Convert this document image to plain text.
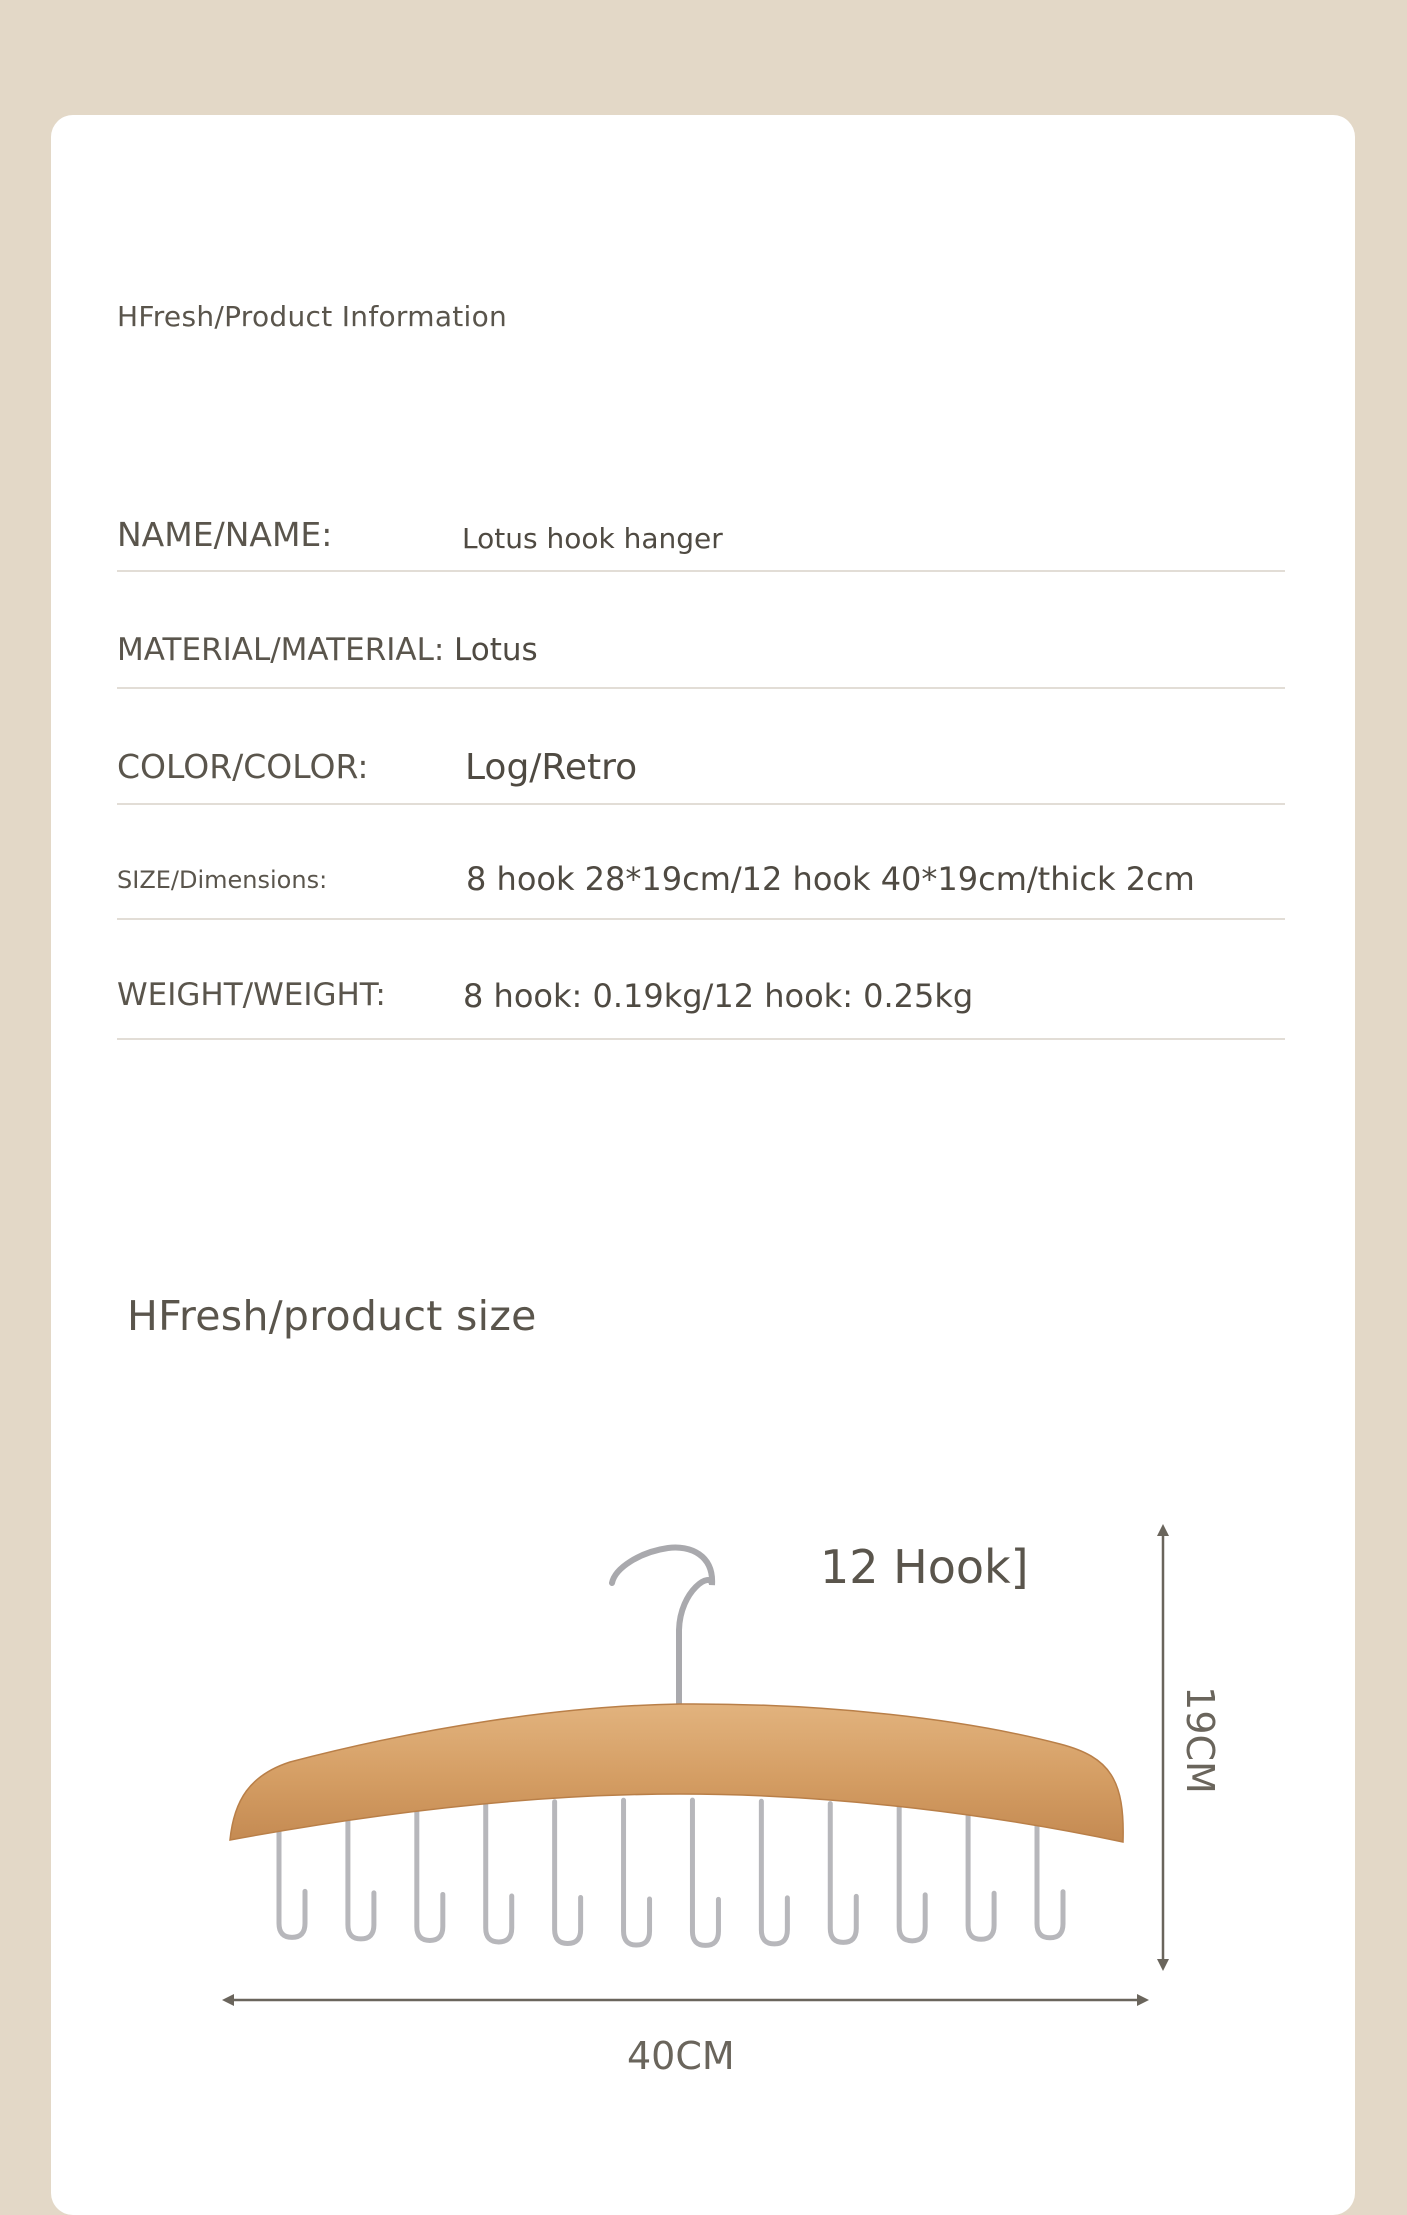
HFresh/Product Information
NAME/NAME:	Lotus hook hanger
MATERIAL/MATERIAL: Lotus
COLOR/COLOR:	Log/Retro
SIZE/Dimensions:	8 hook 28*19cm/12 hook 40*19cm/thick 2cm
WEIGHT/WEIGHT: 8 hook: 0.19kg/12 hook: 0.25kg
HFresh/product size
12 Hook]
40CM
19CM
